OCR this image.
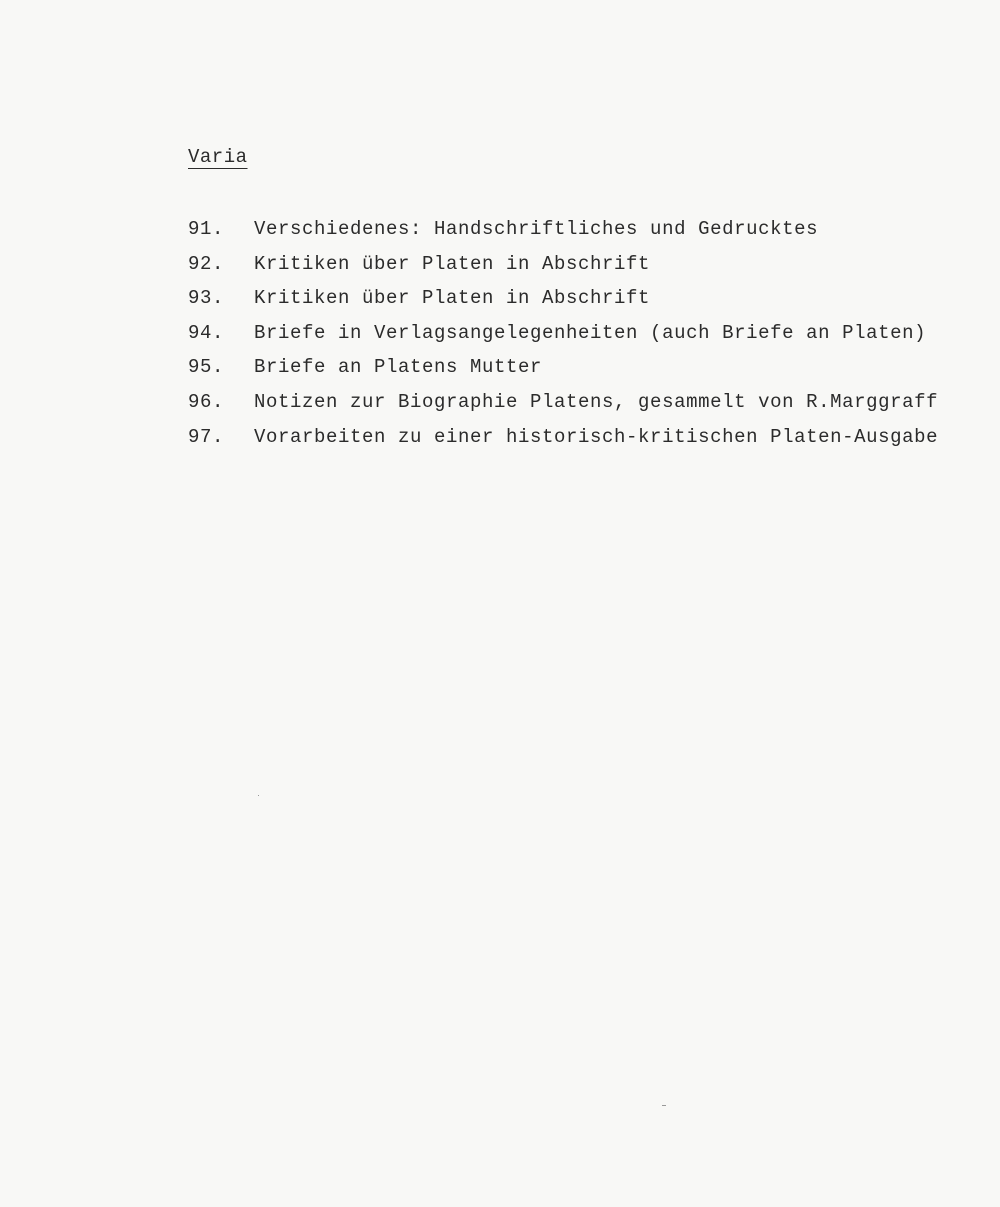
Varia
91. Verschiedenes: Handschriftliches und Gedrucktes
92. Kritiken über Platen in Abschrift
93. Kritiken über Platen in Abschrift
94. Briefe in Verlagsangelegenheiten (auch Briefe an Platen)
95. Briefe an Platens Mutter
96. Notizen zur Biographie Platens, gesammelt von R.Marggraff
97. Vorarbeiten zu einer historisch-kritischen Platen-Ausgabe
